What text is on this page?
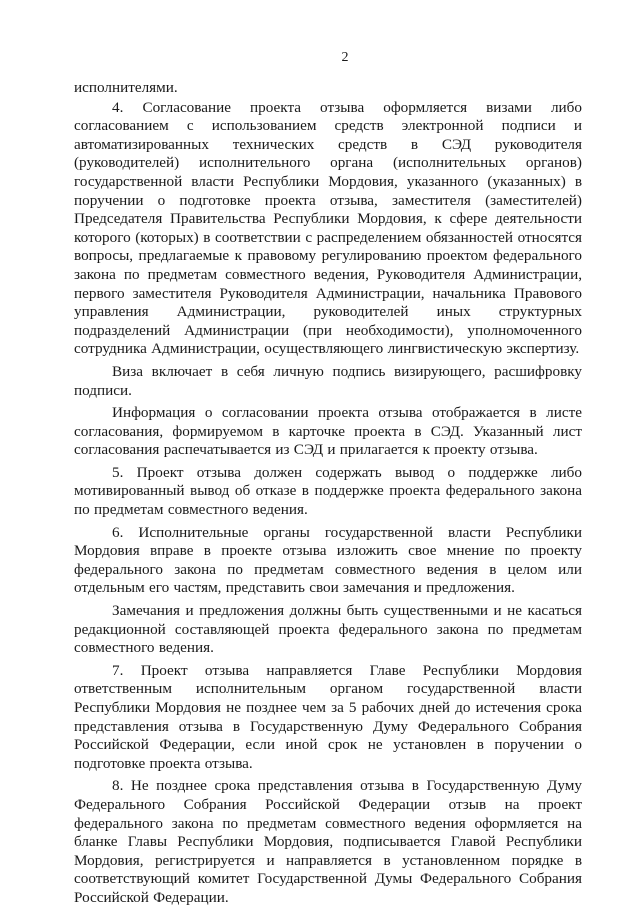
2

исполнителями.

4. Согласование проекта отзыва оформляется визами либо согласованием с использованием средств электронной подписи и автоматизированных технических средств в СЭД руководителя (руководителей) исполнительного органа (исполнительных органов) государственной власти Республики Мордовия, указанного (указанных) в поручении о подготовке проекта отзыва, заместителя (заместителей) Председателя Правительства Республики Мордовия, к сфере деятельности которого (которых) в соответствии с распределением обязанностей относятся вопросы, предлагаемые к правовому регулированию проектом федерального закона по предметам совместного ведения, Руководителя Администрации, первого заместителя Руководителя Администрации, начальника Правового управления Администрации, руководителей иных структурных подразделений Администрации (при необходимости), уполномоченного сотрудника Администрации, осуществляющего лингвистическую экспертизу.

Виза включает в себя личную подпись визирующего, расшифровку подписи.

Информация о согласовании проекта отзыва отображается в листе согласования, формируемом в карточке проекта в СЭД. Указанный лист согласования распечатывается из СЭД и прилагается к проекту отзыва.

5. Проект отзыва должен содержать вывод о поддержке либо мотивированный вывод об отказе в поддержке проекта федерального закона по предметам совместного ведения.

6. Исполнительные органы государственной власти Республики Мордовия вправе в проекте отзыва изложить свое мнение по проекту федерального закона по предметам совместного ведения в целом или отдельным его частям, представить свои замечания и предложения.

Замечания и предложения должны быть существенными и не касаться редакционной составляющей проекта федерального закона по предметам совместного ведения.

7. Проект отзыва направляется Главе Республики Мордовия ответственным исполнительным органом государственной власти Республики Мордовия не позднее чем за 5 рабочих дней до истечения срока представления отзыва в Государственную Думу Федерального Собрания Российской Федерации, если иной срок не установлен в поручении о подготовке проекта отзыва.

8. Не позднее срока представления отзыва в Государственную Думу Федерального Собрания Российской Федерации отзыв на проект федерального закона по предметам совместного ведения оформляется на бланке Главы Республики Мордовия, подписывается Главой Республики Мордовия, регистрируется и направляется в установленном порядке в соответствующий комитет Государственной Думы Федерального Собрания Российской Федерации.
